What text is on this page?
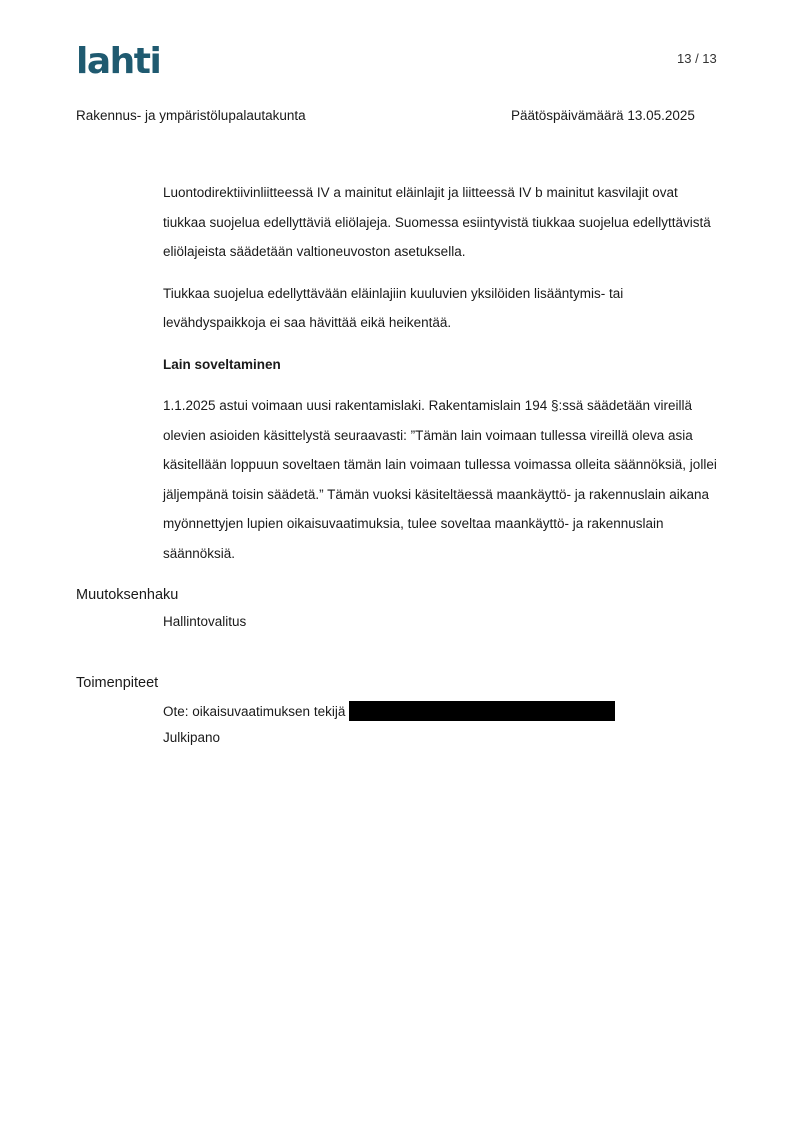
lahti	13 / 13
Rakennus- ja ympäristölupalautakunta	Päätöspäivämäärä 13.05.2025

Luontodirektiivinliitteessä IV a mainitut eläinlajit ja liitteessä IV b mainitut kasvilajit ovat tiukkaa suojelua edellyttäviä eliölajeja. Suomessa esiintyvistä tiukkaa suojelua edellyttävistä eliölajeista säädetään valtioneuvoston asetuksella.

Tiukkaa suojelua edellyttävään eläinlajiin kuuluvien yksilöiden lisääntymis- tai levähdyspaikkoja ei saa hävittää eikä heikentää.

Lain soveltaminen

1.1.2025 astui voimaan uusi rakentamislaki. Rakentamislain 194 §:ssä säädetään vireillä olevien asioiden käsittelystä seuraavasti: ”Tämän lain voimaan tullessa vireillä oleva asia käsitellään loppuun soveltaen tämän lain voimaan tullessa voimassa olleita säännöksiä, jollei jäljempänä toisin säädetä.” Tämän vuoksi käsiteltäessä maankäyttö- ja rakennuslain aikana myönnettyjen lupien oikaisuvaatimuksia, tulee soveltaa maankäyttö- ja rakennuslain säännöksiä.

Muutoksenhaku
Hallintovalitus
Toimenpiteet
Ote: oikaisuvaatimuksen tekijä
Julkipano
